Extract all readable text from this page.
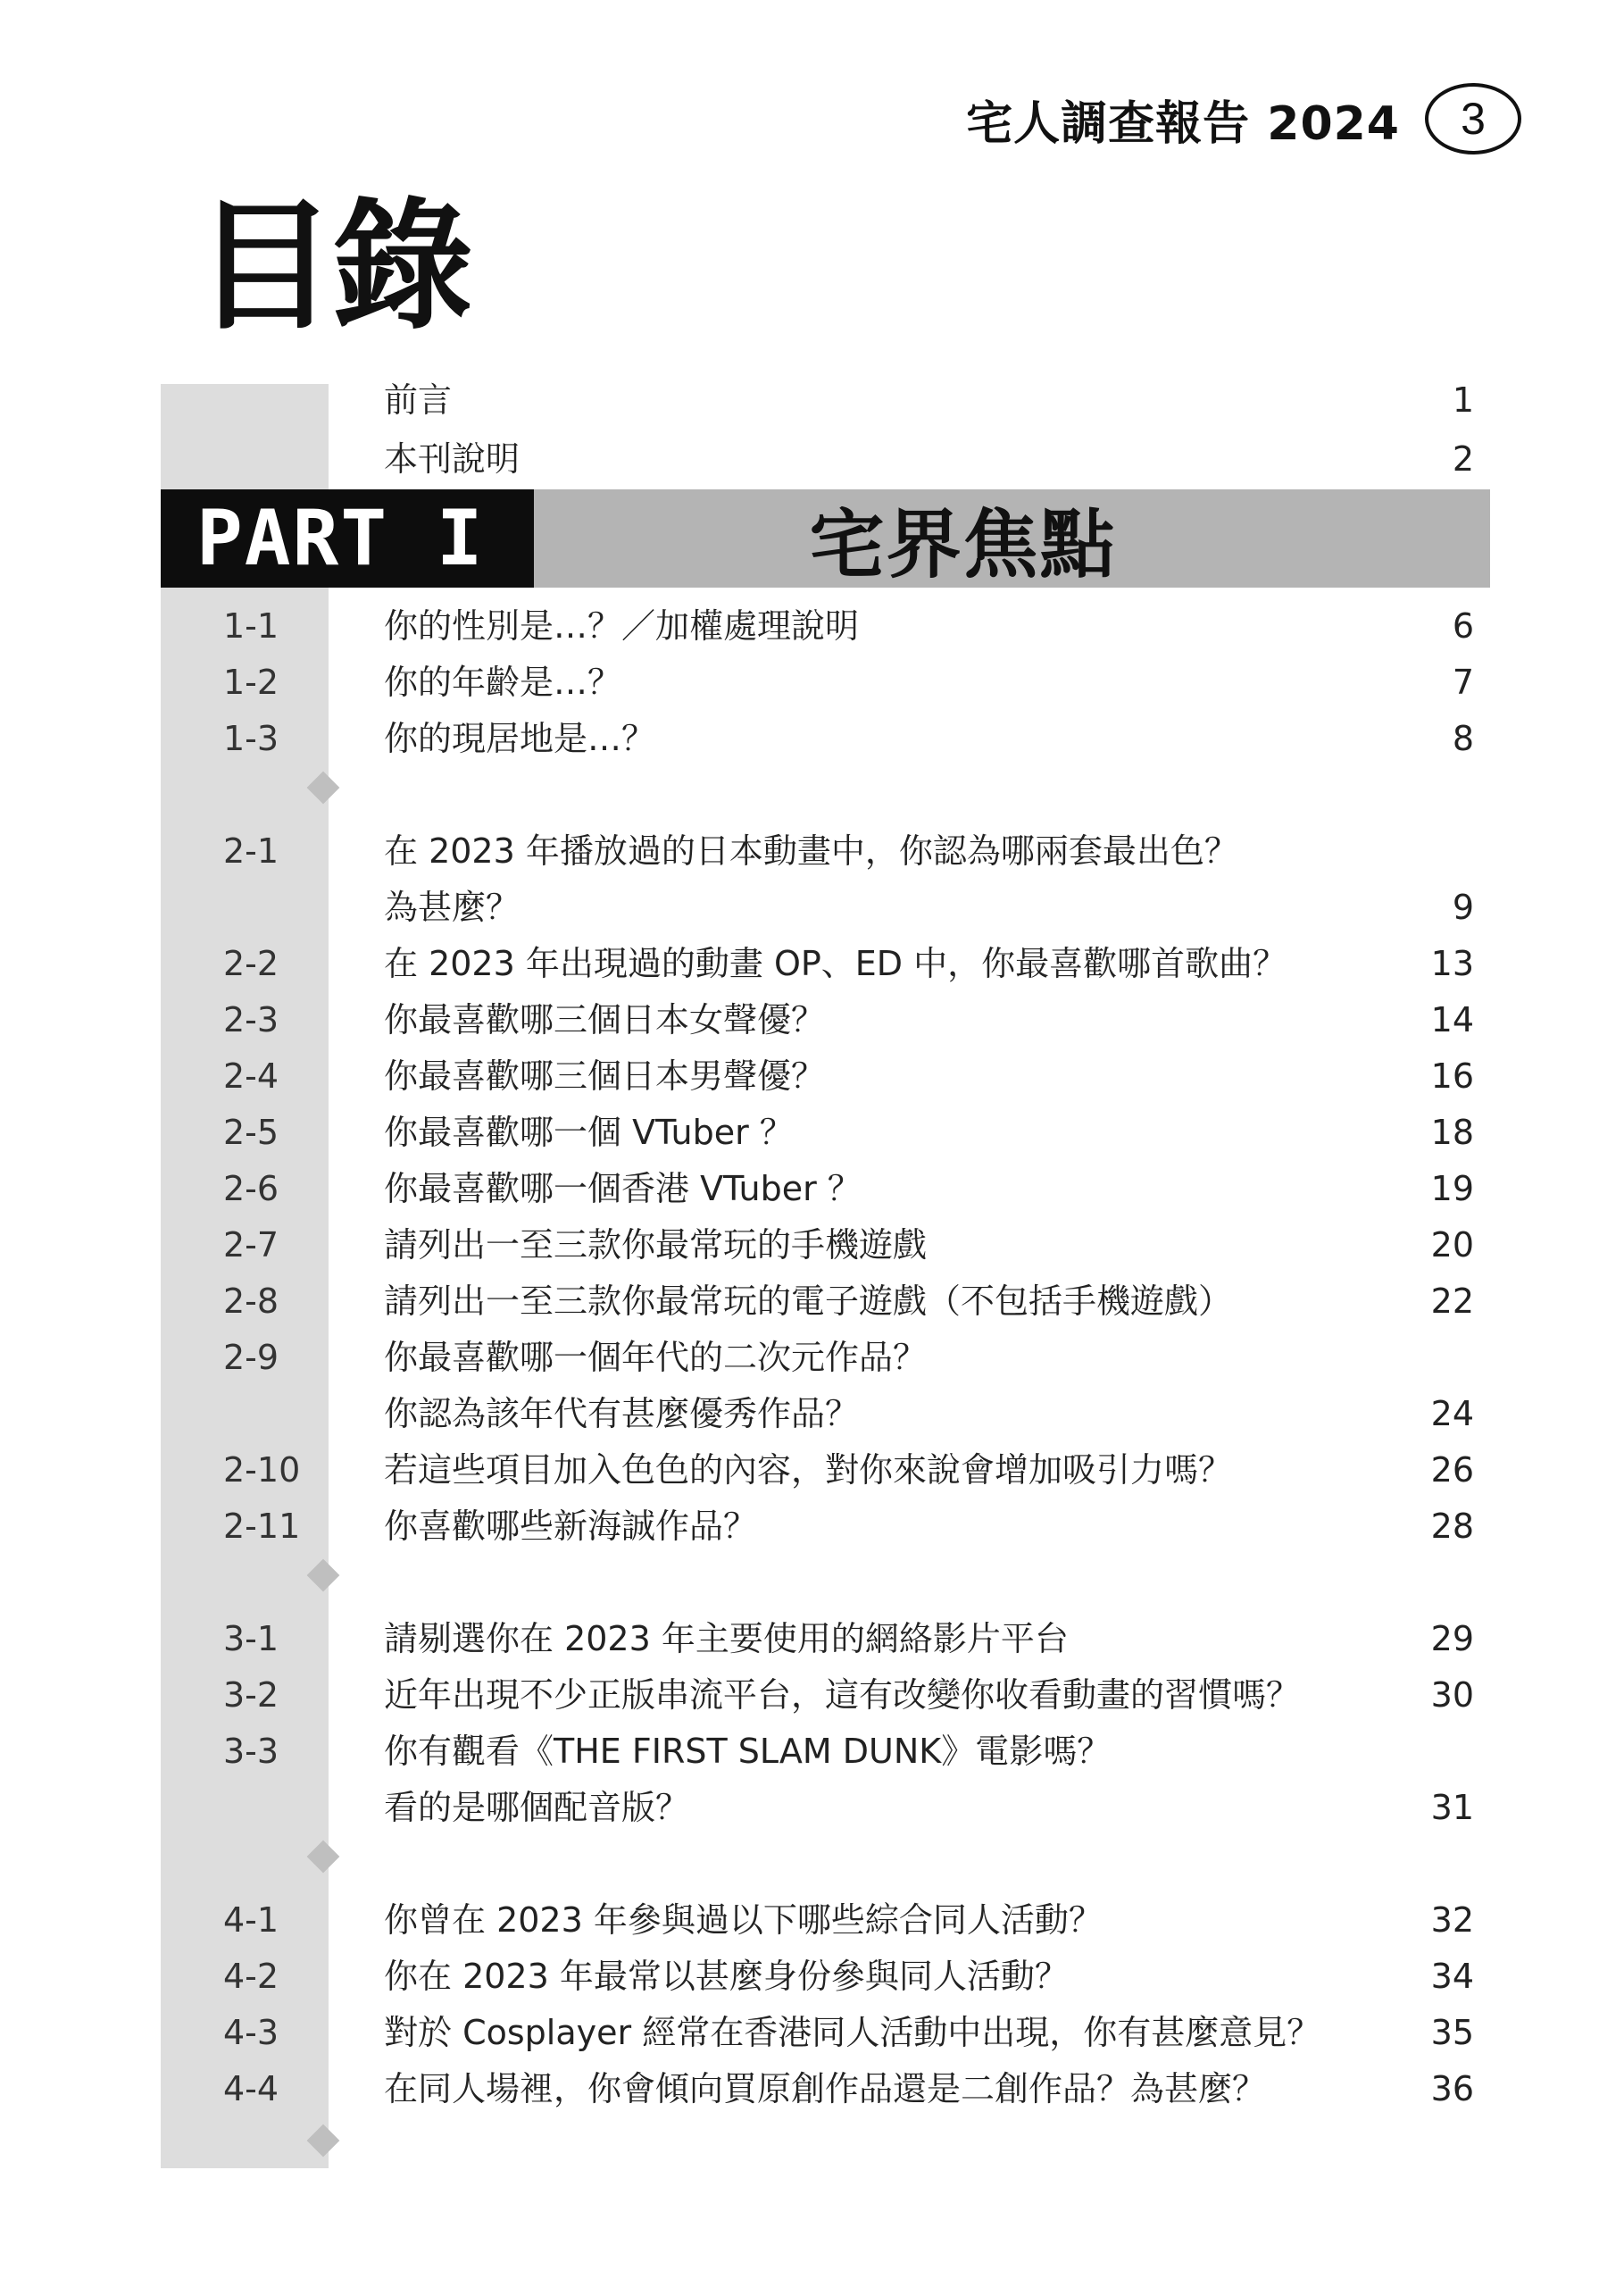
宅人調查報告 2024	3
目錄
前言	1
本刊說明	2
PART I	宅界焦點
1-1	你的性別是…？／加權處理說明	6
1-2	你的年齡是…？	7
1-3	你的現居地是…？	8
2-1	在 2023 年播放過的日本動畫中，你認為哪兩套最出色？
為甚麼？	9
2-2	在 2023 年出現過的動畫 OP、ED 中，你最喜歡哪首歌曲？	13
2-3	你最喜歡哪三個日本女聲優？	14
2-4	你最喜歡哪三個日本男聲優？	16
2-5	你最喜歡哪一個 VTuber ？	18
2-6	你最喜歡哪一個香港 VTuber ？	19
2-7	請列出一至三款你最常玩的手機遊戲	20
2-8	請列出一至三款你最常玩的電子遊戲（不包括手機遊戲）	22
2-9	你最喜歡哪一個年代的二次元作品？
你認為該年代有甚麼優秀作品？	24
2-10 若這些項目加入色色的內容，對你來說會增加吸引力嗎？	26
2-11 你喜歡哪些新海誠作品？	28
3-1	請剔選你在 2023 年主要使用的網絡影片平台	29
3-2	近年出現不少正版串流平台，這有改變你收看動畫的習慣嗎？	30
3-3	你有觀看《THE FIRST SLAM DUNK》電影嗎？
看的是哪個配音版？	31
4-1	你曾在 2023 年參與過以下哪些綜合同人活動？	32
4-2	你在 2023 年最常以甚麼身份參與同人活動？	34
4-3	對於 Cosplayer 經常在香港同人活動中出現，你有甚麼意見？	35
4-4	在同人場裡，你會傾向買原創作品還是二創作品？為甚麼？	36
